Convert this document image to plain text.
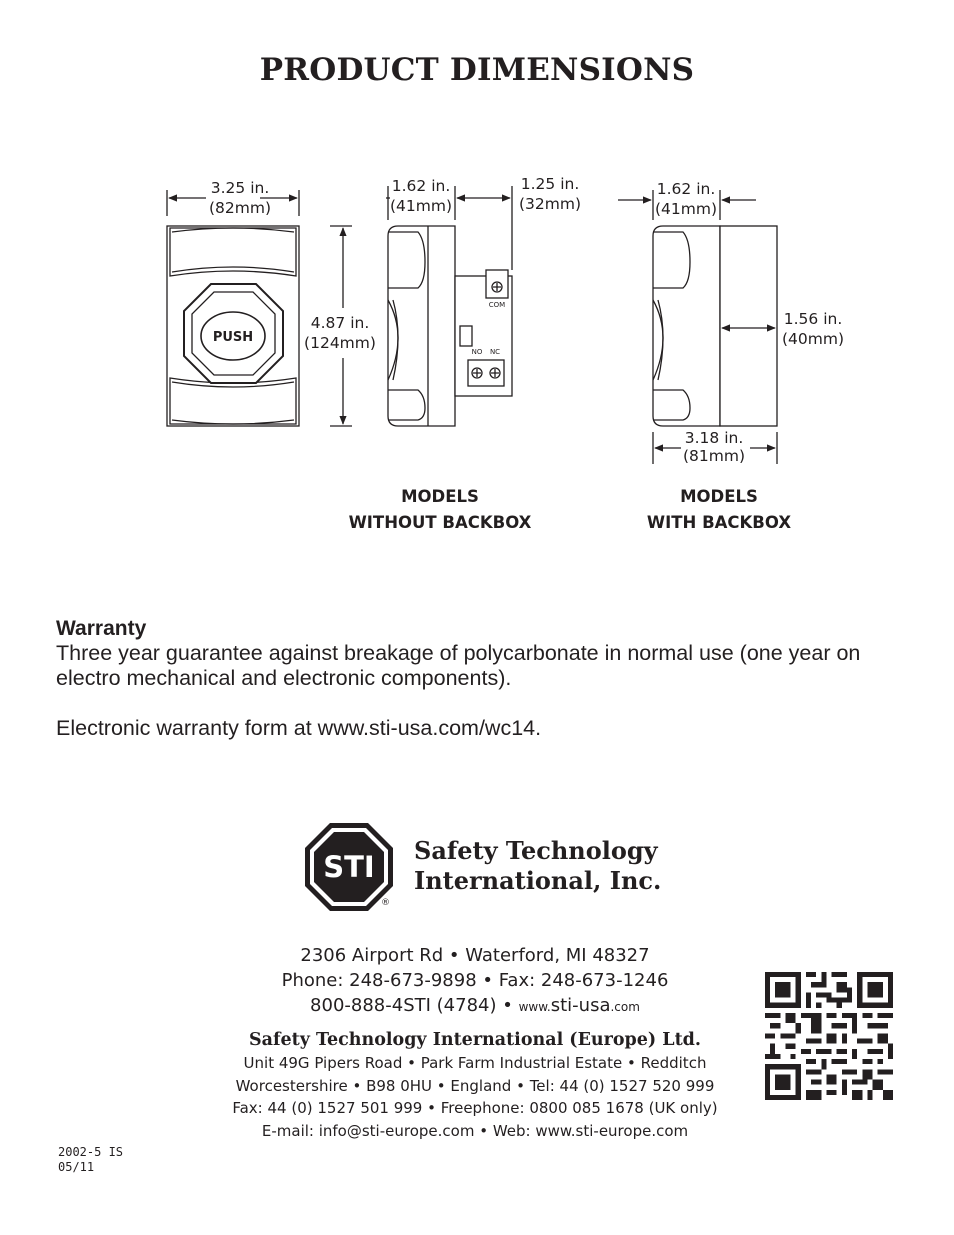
PRODUCT DIMENSIONS
PUSH
COM
NO NC
3.25 in.
(82mm)
4.87 in.
(124mm)
1.62 in.
(41mm)
1.25 in.
(32mm)
1.62 in.
(41mm)
1.56 in.
(40mm)
3.18 in.
(81mm)
MODELS
WITHOUT BACKBOX
MODELS
WITH BACKBOX
Warranty

Three year guarantee against breakage of polycarbonate in normal use (one year on electro mechanical and electronic components).

Electronic warranty form at www.sti-usa.com/wc14.

STI
®
Safety Technology
International, Inc.
2306 Airport Rd • Waterford, MI 48327
Phone: 248-673-9898 • Fax: 248-673-1246
800-888-4STI (4784) • www.sti-usa.com
Safety Technology International (Europe) Ltd.
Unit 49G Pipers Road • Park Farm Industrial Estate • Redditch
Worcestershire • B98 0HU • England • Tel: 44 (0) 1527 520 999
Fax: 44 (0) 1527 501 999 • Freephone: 0800 085 1678 (UK only)
E-mail: info@sti-europe.com • Web: www.sti-europe.com
2002-5 IS
05/11
